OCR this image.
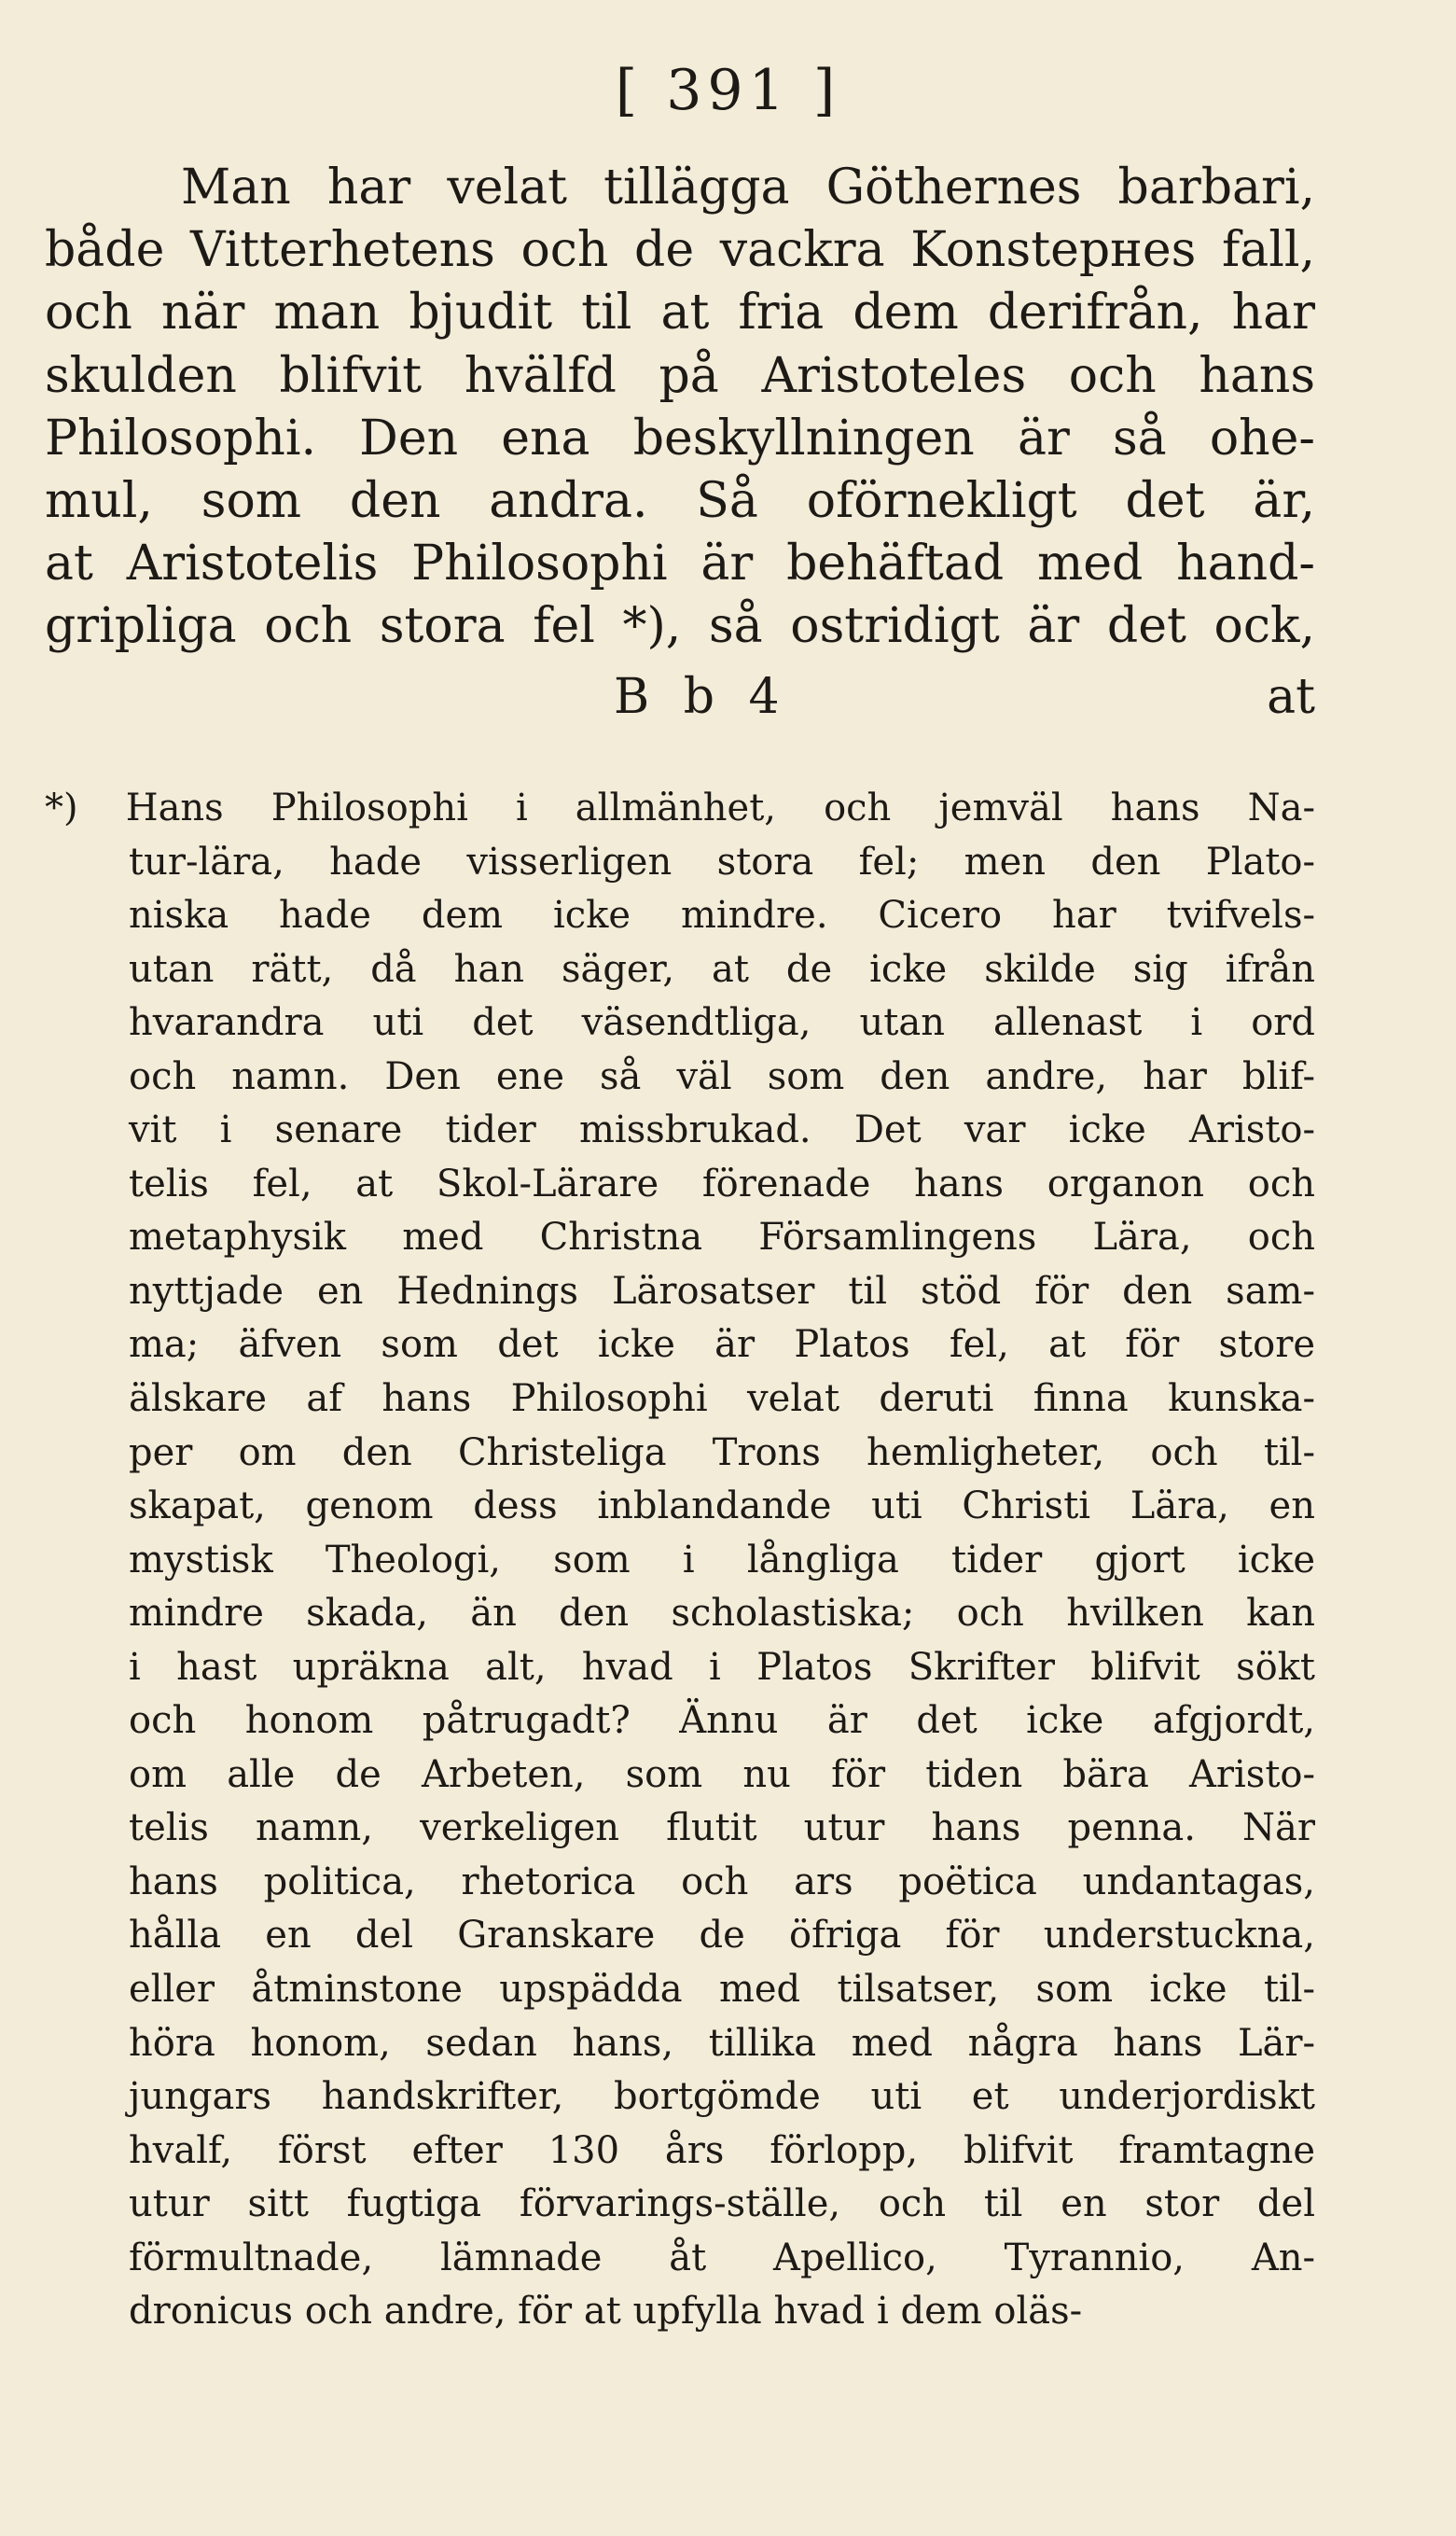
[ 391 ]
Man har velat tillägga Göthernes barbari,
både Vitterhetens och de vackra Konstернes fall,
och när man bjudit til at fria dem derifrån, har
skulden blifvit hvälfd på Aristoteles och hans
Philosophi. Den ena beskyllningen är så ohe-
mul, som den andra. Så oförnekligt det är,
at Aristotelis Philosophi är behäftad med hand-
gripliga och stora fel *), så ostridigt är det ock,
B b 4	at
*) Hans Philosophi i allmänhet, och jemväl hans Na-
tur-lära, hade visserligen stora fel; men den Plato-
niska hade dem icke mindre. Cicero har tvifvels-
utan rätt, då han säger, at de icke skilde sig ifrån
hvarandra uti det väsendtliga, utan allenast i ord
och namn. Den ene så väl som den andre, har blif-
vit i senare tider missbrukad. Det var icke Aristo-
telis fel, at Skol-Lärare förenade hans organon och
metaphysik med Christna Församlingens Lära, och
nyttjade en Hednings Lärosatser til stöd för den sam-
ma; äfven som det icke är Platos fel, at för store
älskare af hans Philosophi velat deruti finna kunska-
per om den Christeliga Trons hemligheter, och til-
skapat, genom dess inblandande uti Christi Lära, en
mystisk Theologi, som i långliga tider gjort icke
mindre skada, än den scholastiska; och hvilken kan
i hast upräkna alt, hvad i Platos Skrifter blifvit sökt
och honom påtrugadt? Ännu är det icke afgjordt,
om alle de Arbeten, som nu för tiden bära Aristo-
telis namn, verkeligen flutit utur hans penna. När
hans politica, rhetorica och ars poëtica undantagas,
hålla en del Granskare de öfriga för understuckna,
eller åtminstone upspädda med tilsatser, som icke til-
höra honom, sedan hans, tillika med några hans Lär-
jungars handskrifter, bortgömde uti et underjordiskt
hvalf, först efter 130 års förlopp, blifvit framtagne
utur sitt fugtiga förvarings-ställe, och til en stor del
förmultnade, lämnade åt Apellico, Tyrannio, An-
dronicus och andre, för at upfylla hvad i dem oläs-
